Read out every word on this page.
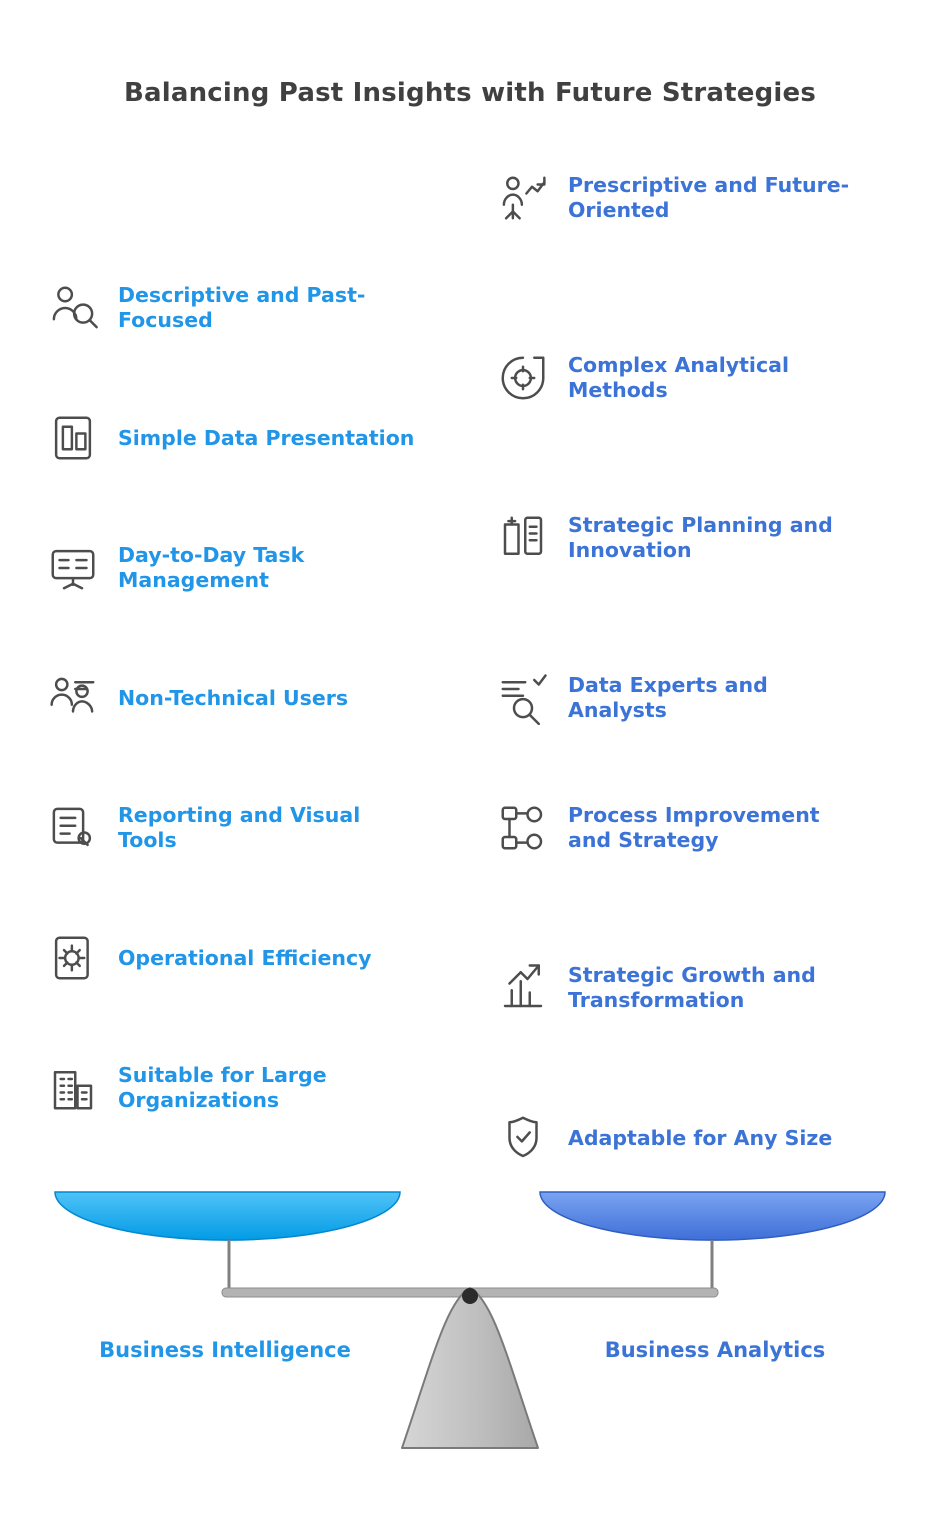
Balancing Past Insights with Future Strategies
Descriptive and Past-Focused
Simple Data Presentation
Day-to-Day Task Management
Non-Technical Users
Reporting and Visual Tools
Operational Efficiency
Suitable for Large Organizations
Prescriptive and Future-Oriented
Complex Analytical Methods
Strategic Planning and Innovation
Data Experts and Analysts
Process Improvement and Strategy
Strategic Growth and Transformation
Adaptable for Any Size
Business Intelligence	Business Analytics
